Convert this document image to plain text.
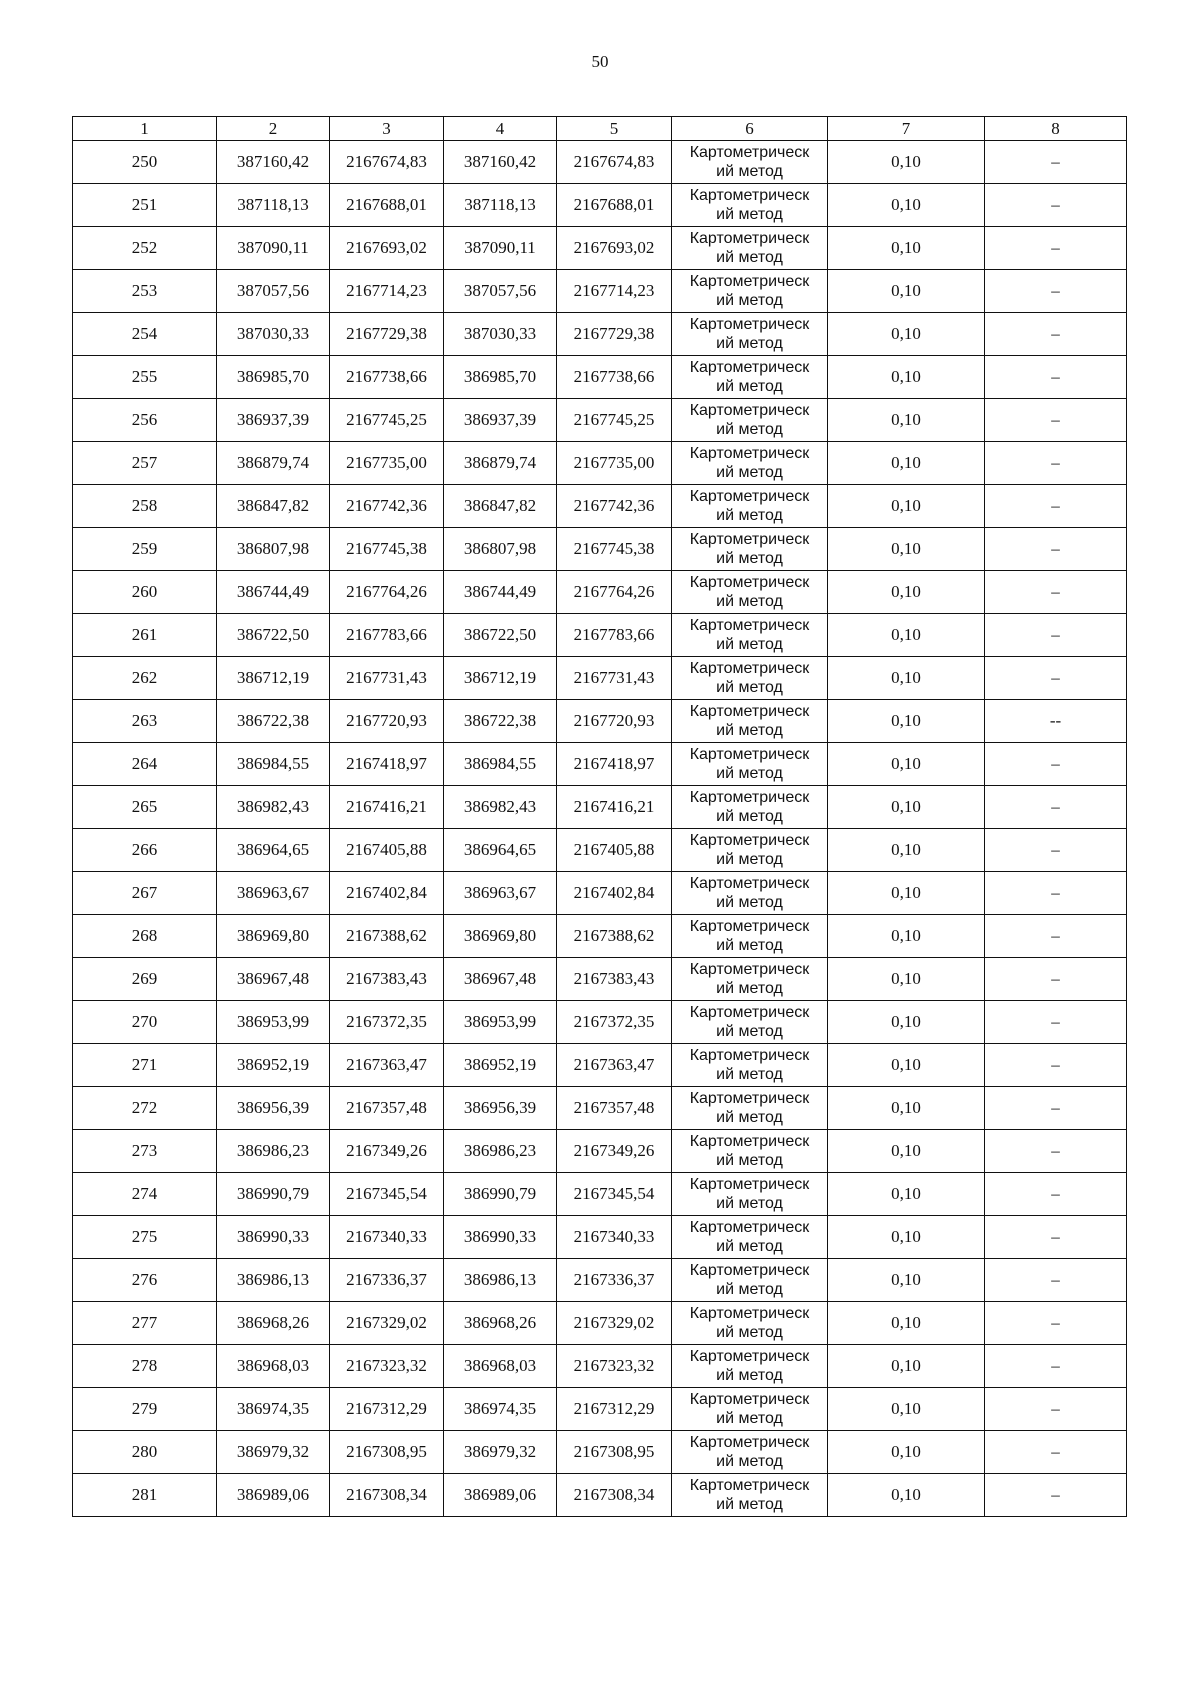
50
1	2	3	4	5	6	7	8
250	387160,42	2167674,83	387160,42	2167674,83	Картометрическ
ий метод	0,10	–
251	387118,13	2167688,01	387118,13	2167688,01	Картометрическ
ий метод	0,10	–
252	387090,11	2167693,02	387090,11	2167693,02	Картометрическ
ий метод	0,10	–
253	387057,56	2167714,23	387057,56	2167714,23	Картометрическ
ий метод	0,10	–
254	387030,33	2167729,38	387030,33	2167729,38	Картометрическ
ий метод	0,10	–
255	386985,70	2167738,66	386985,70	2167738,66	Картометрическ
ий метод	0,10	–
256	386937,39	2167745,25	386937,39	2167745,25	Картометрическ
ий метод	0,10	–
257	386879,74	2167735,00	386879,74	2167735,00	Картометрическ
ий метод	0,10	–
258	386847,82	2167742,36	386847,82	2167742,36	Картометрическ
ий метод	0,10	–
259	386807,98	2167745,38	386807,98	2167745,38	Картометрическ
ий метод	0,10	–
260	386744,49	2167764,26	386744,49	2167764,26	Картометрическ
ий метод	0,10	–
261	386722,50	2167783,66	386722,50	2167783,66	Картометрическ
ий метод	0,10	–
262	386712,19	2167731,43	386712,19	2167731,43	Картометрическ
ий метод	0,10	–
263	386722,38	2167720,93	386722,38	2167720,93	Картометрическ
ий метод	0,10	--
264	386984,55	2167418,97	386984,55	2167418,97	Картометрическ
ий метод	0,10	–
265	386982,43	2167416,21	386982,43	2167416,21	Картометрическ
ий метод	0,10	–
266	386964,65	2167405,88	386964,65	2167405,88	Картометрическ
ий метод	0,10	–
267	386963,67	2167402,84	386963,67	2167402,84	Картометрическ
ий метод	0,10	–
268	386969,80	2167388,62	386969,80	2167388,62	Картометрическ
ий метод	0,10	–
269	386967,48	2167383,43	386967,48	2167383,43	Картометрическ
ий метод	0,10	–
270	386953,99	2167372,35	386953,99	2167372,35	Картометрическ
ий метод	0,10	–
271	386952,19	2167363,47	386952,19	2167363,47	Картометрическ
ий метод	0,10	–
272	386956,39	2167357,48	386956,39	2167357,48	Картометрическ
ий метод	0,10	–
273	386986,23	2167349,26	386986,23	2167349,26	Картометрическ
ий метод	0,10	–
274	386990,79	2167345,54	386990,79	2167345,54	Картометрическ
ий метод	0,10	–
275	386990,33	2167340,33	386990,33	2167340,33	Картометрическ
ий метод	0,10	–
276	386986,13	2167336,37	386986,13	2167336,37	Картометрическ
ий метод	0,10	–
277	386968,26	2167329,02	386968,26	2167329,02	Картометрическ
ий метод	0,10	–
278	386968,03	2167323,32	386968,03	2167323,32	Картометрическ
ий метод	0,10	–
279	386974,35	2167312,29	386974,35	2167312,29	Картометрическ
ий метод	0,10	–
280	386979,32	2167308,95	386979,32	2167308,95	Картометрическ
ий метод	0,10	–
281	386989,06	2167308,34	386989,06	2167308,34	Картометрическ
ий метод	0,10	–
